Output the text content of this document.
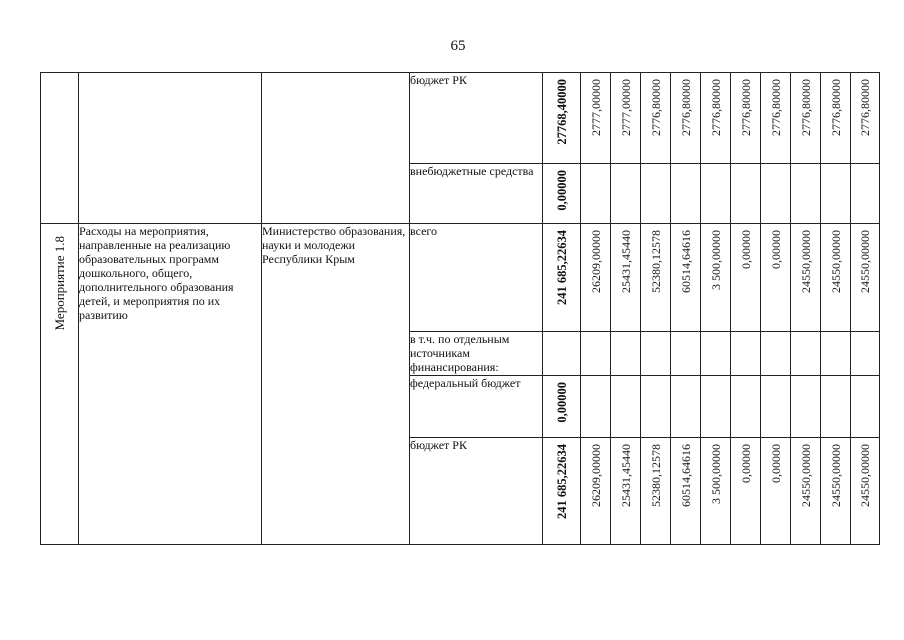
65
			бюджет РК	27768,40000	2777,00000	2777,00000	2776,80000	2776,80000	2776,80000	2776,80000	2776,80000	2776,80000	2776,80000	2776,80000

			внебюджетные средства	0,00000										

Мероприятие 1.8	Расходы на мероприятия, направленные на реализацию образовательных программ дошкольного, общего, дополнительного образования детей, и мероприятия по их развитию	Министерство образования, науки и молодежи Республики Крым	всего	241 685,22634	26209,00000	25431,45440	52380,12578	60514,64616	3 500,00000	0,00000	0,00000	24550,00000	24550,00000	24550,00000

			в т.ч. по отдельным источникам финансирования:											
			федеральный бюджет	0,00000										

			бюджет РК	241 685,22634	26209,00000	25431,45440	52380,12578	60514,64616	3 500,00000	0,00000	0,00000	24550,00000	24550,00000	24550,00000
